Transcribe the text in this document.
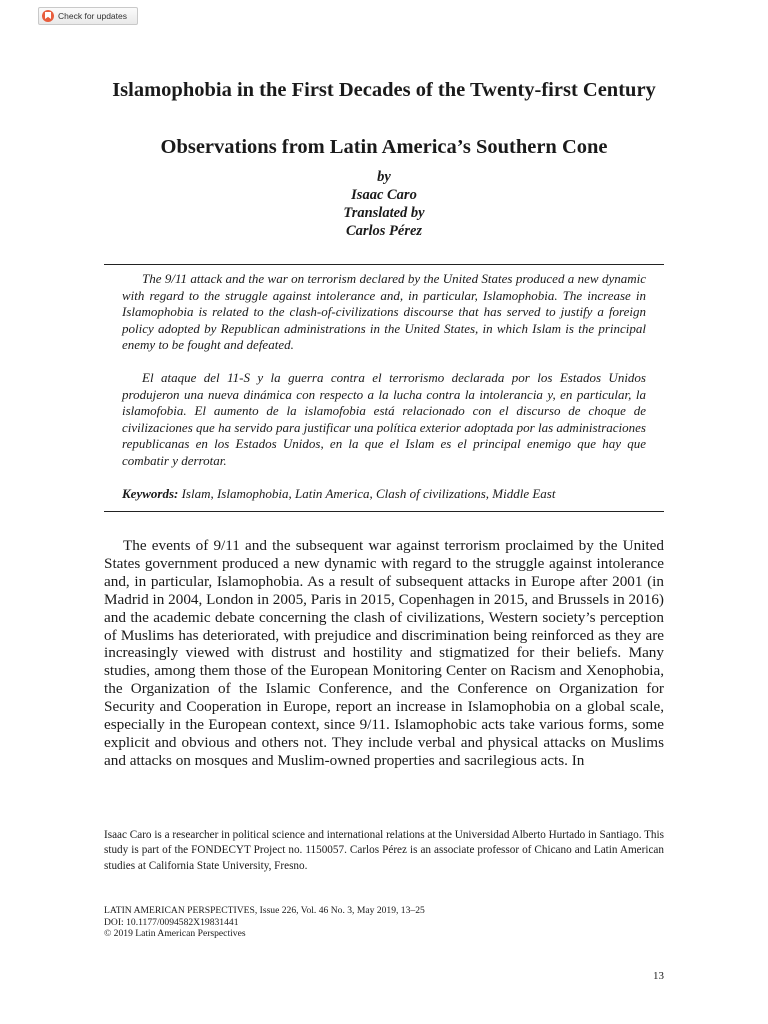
Check for updates
Islamophobia in the First Decades of the Twenty-first Century
Observations from Latin America’s Southern Cone
by
Isaac Caro
Translated by
Carlos Pérez

The 9/11 attack and the war on terrorism declared by the United States produced a new dynamic with regard to the struggle against intolerance and, in particular, Islamophobia. The increase in Islamophobia is related to the clash-of-civilizations discourse that has served to justify a foreign policy adopted by Republican administrations in the United States, in which Islam is the principal enemy to be fought and defeated.

El ataque del 11-S y la guerra contra el terrorismo declarada por los Estados Unidos produjeron una nueva dinámica con respecto a la lucha contra la intolerancia y, en particular, la islamofobia. El aumento de la islamofobia está relacionado con el discurso de choque de civilizaciones que ha servido para justificar una política exterior adoptada por las administraciones republicanas en los Estados Unidos, en la que el Islam es el principal enemigo que hay que combatir y derrotar.

Keywords: Islam, Islamophobia, Latin America, Clash of civilizations, Middle East

The events of 9/11 and the subsequent war against terrorism proclaimed by the United States government produced a new dynamic with regard to the struggle against intolerance and, in particular, Islamophobia. As a result of subsequent attacks in Europe after 2001 (in Madrid in 2004, London in 2005, Paris in 2015, Copenhagen in 2015, and Brussels in 2016) and the academic debate concerning the clash of civilizations, Western society’s perception of Muslims has deteriorated, with prejudice and discrimination being reinforced as they are increasingly viewed with distrust and hostility and stigmatized for their beliefs. Many studies, among them those of the European Monitoring Center on Racism and Xenophobia, the Organization of the Islamic Conference, and the Conference on Organization for Security and Cooperation in Europe, report an increase in Islamophobia on a global scale, especially in the European context, since 9/11. Islamophobic acts take various forms, some explicit and obvious and others not. They include verbal and physical attacks on Muslims and attacks on mosques and Muslim-owned properties and sacrilegious acts. In

Isaac Caro is a researcher in political science and international relations at the Universidad Alberto Hurtado in Santiago. This study is part of the FONDECYT Project no. 1150057. Carlos Pérez is an associate professor of Chicano and Latin American studies at California State University, Fresno.

LATIN AMERICAN PERSPECTIVES, Issue 226, Vol. 46 No. 3, May 2019, 13–25
DOI: 10.1177/0094582X19831441
© 2019 Latin American Perspectives
13
